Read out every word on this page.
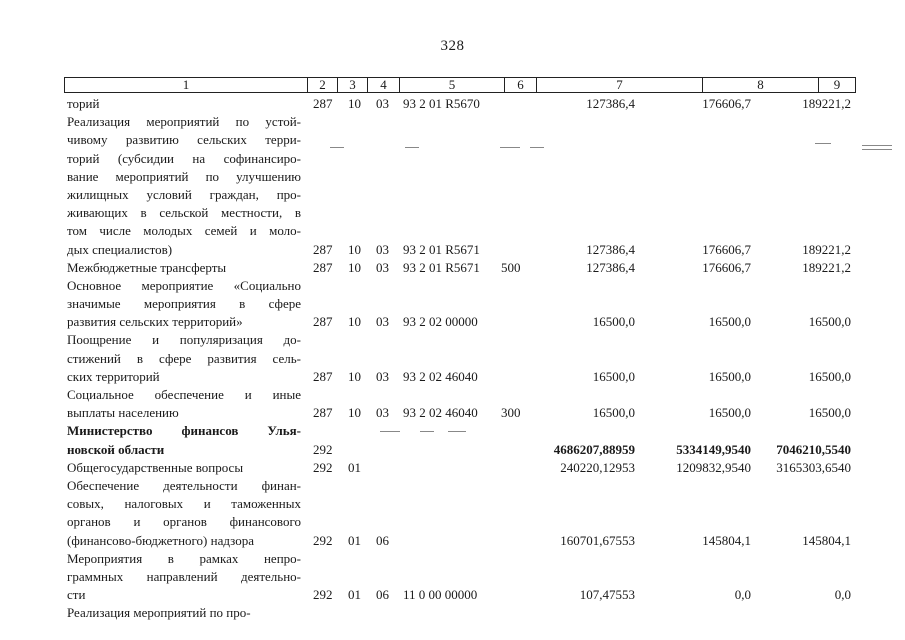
328
1	2	3	4	5	6	7	8	9
торий	287 10 03 93 2 01 R5670	127386,4	176606,7	189221,2
Реализация мероприятий по устой-
чивому развитию сельских терри-
торий (субсидии на софинансиро-
вание мероприятий по улучшению
жилищных условий граждан, про-
живающих в сельской местности, в
том числе молодых семей и моло-
дых специалистов)	287 10 03 93 2 01 R5671	127386,4	176606,7	189221,2
Межбюджетные трансферты	287 10 03 93 2 01 R5671 500	127386,4	176606,7	189221,2
Основное мероприятие «Социально
значимые мероприятия в сфере
развития сельских территорий»	287 10 03 93 2 02 00000	16500,0	16500,0	16500,0
Поощрение и популяризация до-
стижений в сфере развития сель-
ских территорий	287 10 03 93 2 02 46040	16500,0	16500,0	16500,0
Социальное обеспечение и иные
выплаты населению	287 10 03 93 2 02 46040 300	16500,0	16500,0	16500,0
Министерство финансов Улья-
новской области	292	4686207,88959	5334149,9540 7046210,5540
Общегосударственные вопросы	292 01	240220,12953	1209832,9540 3165303,6540
Обеспечение деятельности финан-
совых, налоговых и таможенных
органов и органов финансового
(финансово-бюджетного) надзора	292 01 06	160701,67553	145804,1	145804,1
Мероприятия в рамках непро-
граммных направлений деятельно-
сти	292 01 06 11 0 00 00000	107,47553	0,0	0,0
Реализация мероприятий по про-
